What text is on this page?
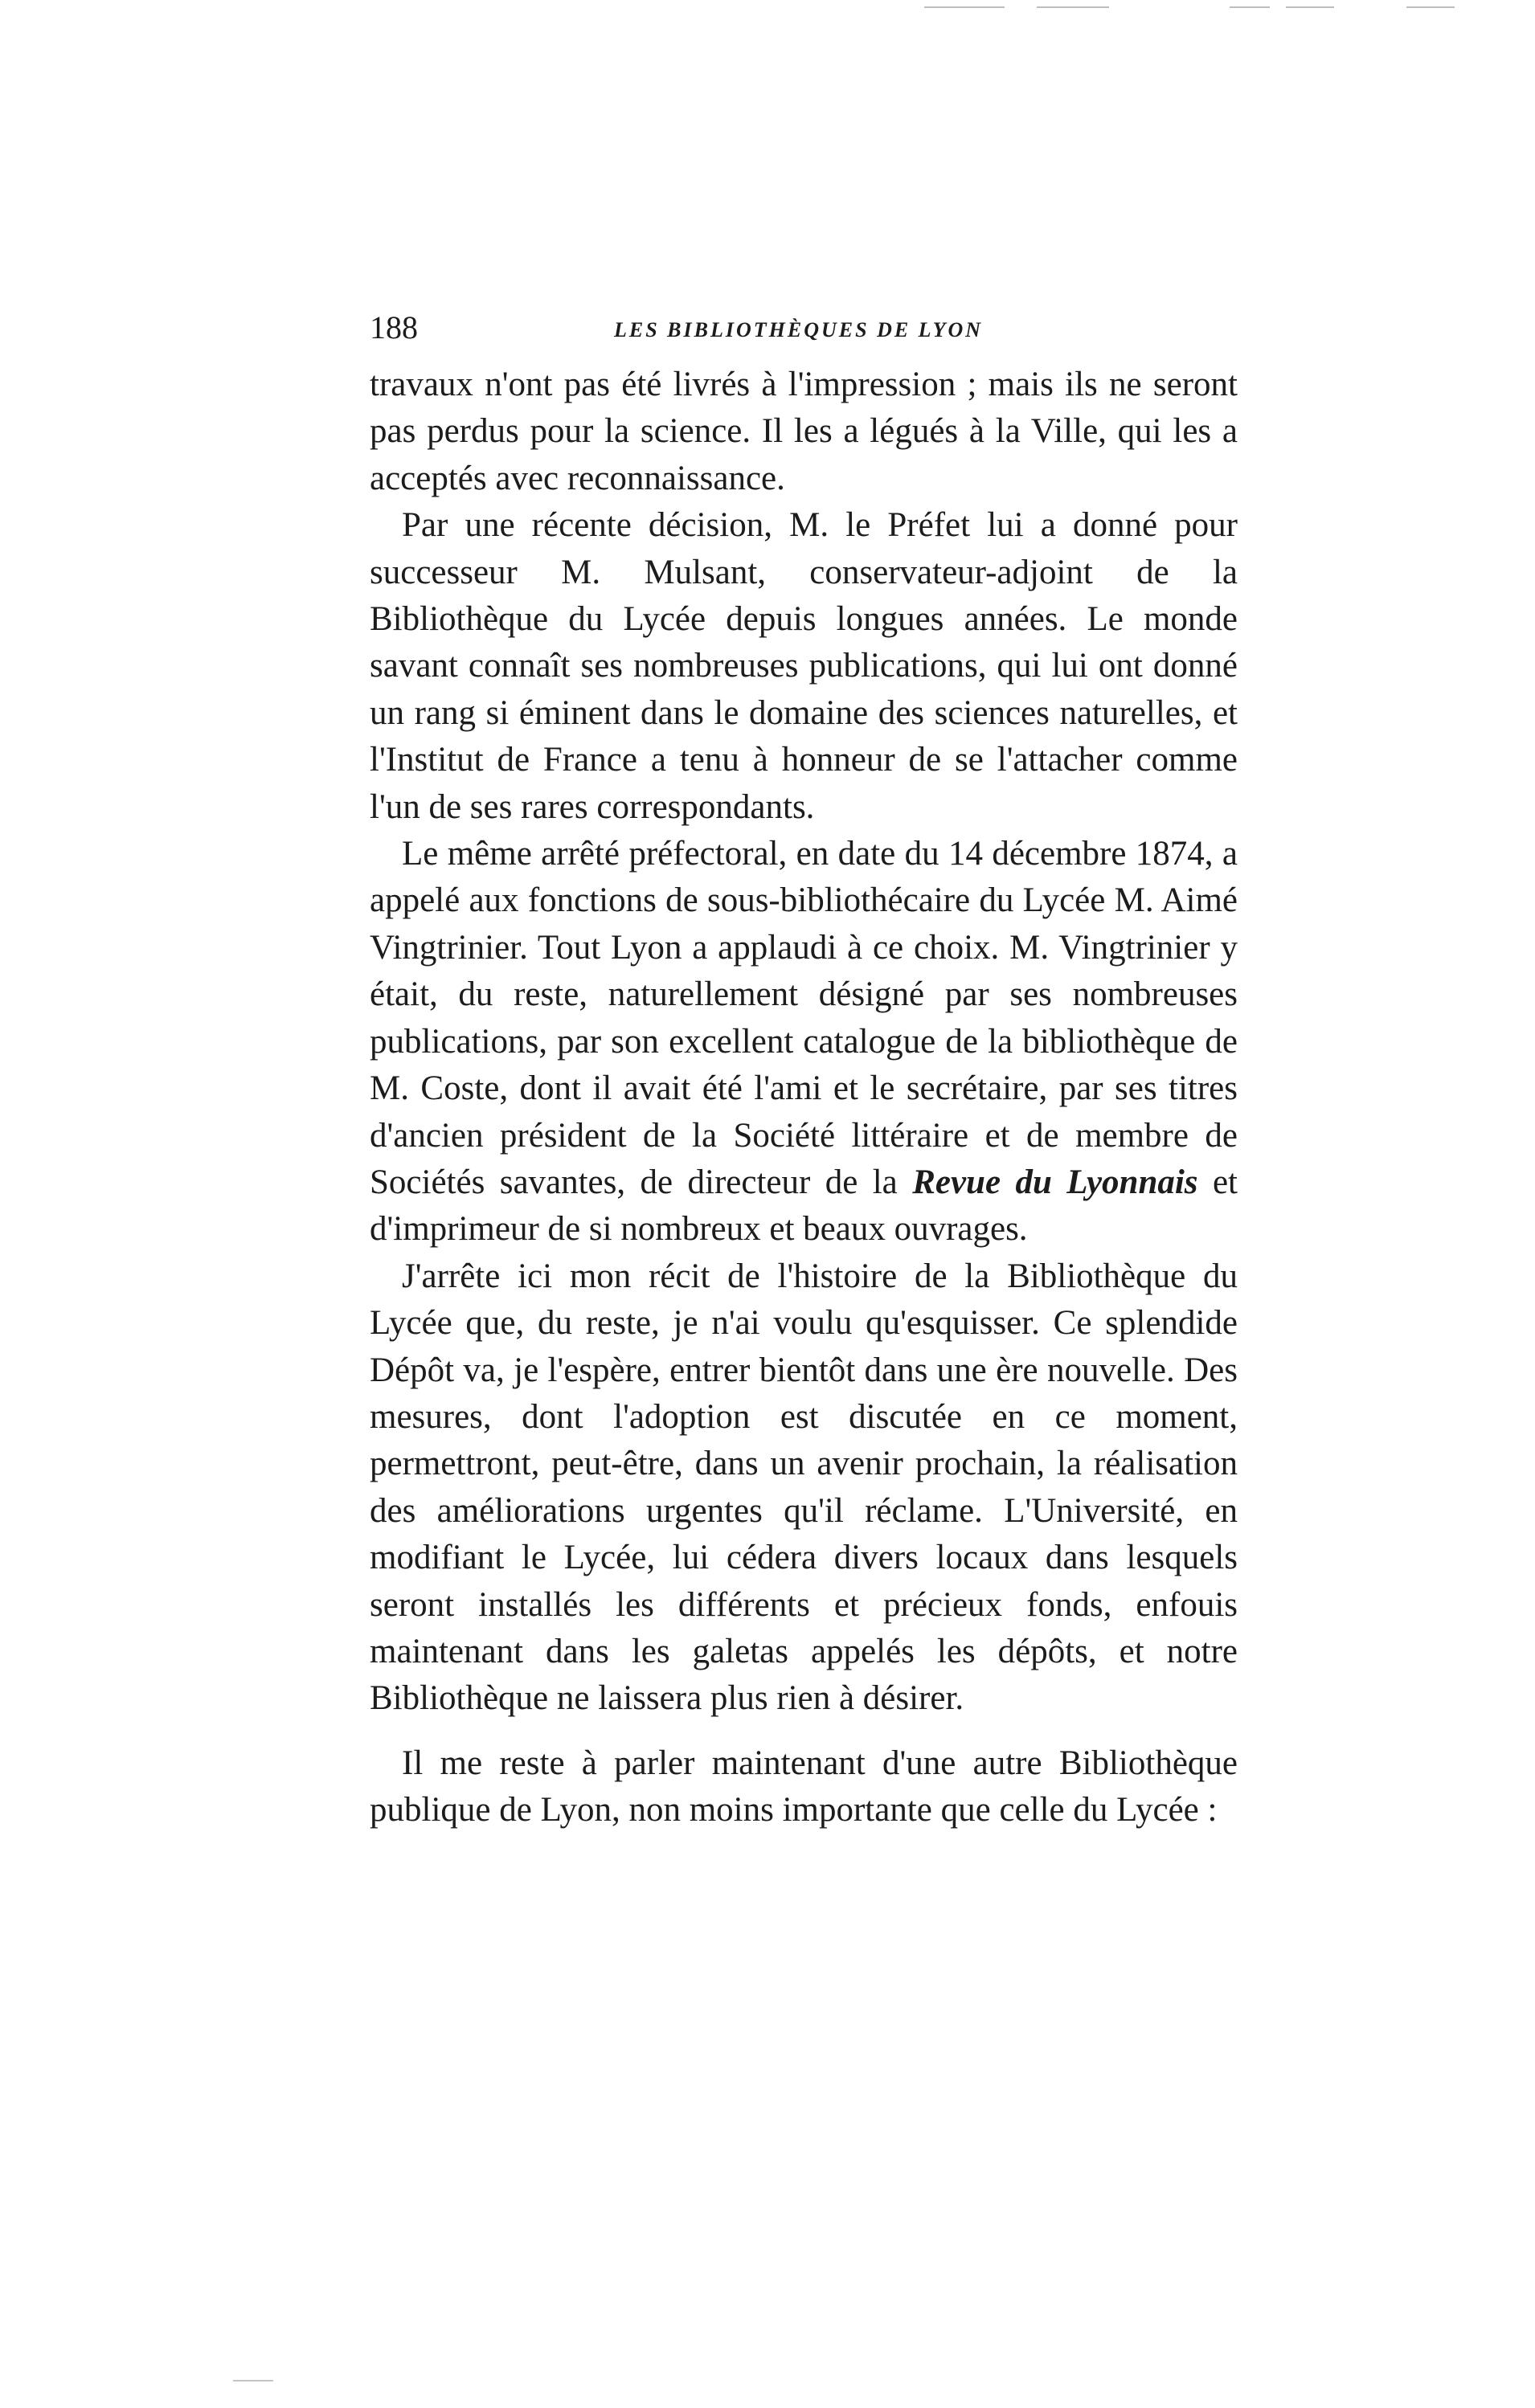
188	LES BIBLIOTHÈQUES DE LYON

travaux n'ont pas été livrés à l'impression ; mais ils ne seront pas perdus pour la science. Il les a légués à la Ville, qui les a acceptés avec reconnaissance.

Par une récente décision, M. le Préfet lui a donné pour successeur M. Mulsant, conservateur-adjoint de la Bibliothèque du Lycée depuis longues années. Le monde savant connaît ses nombreuses publications, qui lui ont donné un rang si éminent dans le domaine des sciences naturelles, et l'Institut de France a tenu à honneur de se l'attacher comme l'un de ses rares correspondants.

Le même arrêté préfectoral, en date du 14 décembre 1874, a appelé aux fonctions de sous-bibliothécaire du Lycée M. Aimé Vingtrinier. Tout Lyon a applaudi à ce choix. M. Vingtrinier y était, du reste, naturellement désigné par ses nombreuses publications, par son excellent catalogue de la bibliothèque de M. Coste, dont il avait été l'ami et le secrétaire, par ses titres d'ancien président de la Société littéraire et de membre de Sociétés savantes, de directeur de la Revue du Lyonnais et d'imprimeur de si nombreux et beaux ouvrages.

J'arrête ici mon récit de l'histoire de la Bibliothèque du Lycée que, du reste, je n'ai voulu qu'esquisser. Ce splendide Dépôt va, je l'espère, entrer bientôt dans une ère nouvelle. Des mesures, dont l'adoption est discutée en ce moment, permettront, peut-être, dans un avenir prochain, la réalisation des améliorations urgentes qu'il réclame. L'Université, en modifiant le Lycée, lui cédera divers locaux dans lesquels seront installés les différents et précieux fonds, enfouis maintenant dans les galetas appelés les dépôts, et notre Bibliothèque ne laissera plus rien à désirer.

Il me reste à parler maintenant d'une autre Bibliothèque publique de Lyon, non moins importante que celle du Lycée :
